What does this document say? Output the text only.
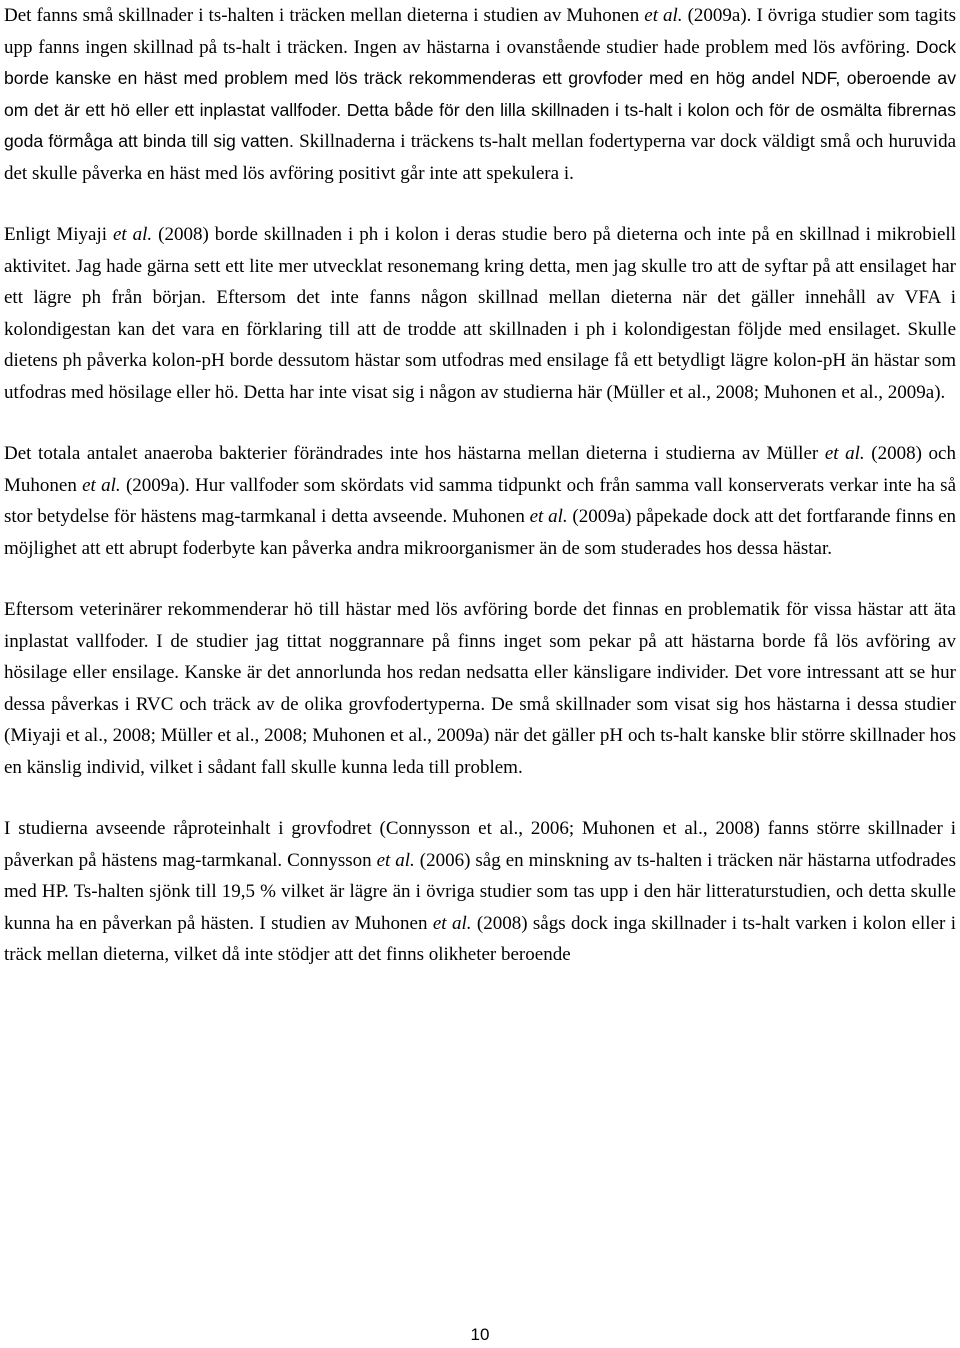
Det fanns små skillnader i ts-halten i träcken mellan dieterna i studien av Muhonen et al. (2009a). I övriga studier som tagits upp fanns ingen skillnad på ts-halt i träcken. Ingen av hästarna i ovanstående studier hade problem med lös avföring. Dock borde kanske en häst med problem med lös träck rekommenderas ett grovfoder med en hög andel NDF, oberoende av om det är ett hö eller ett inplastat vallfoder. Detta både för den lilla skillnaden i ts-halt i kolon och för de osmälta fibrernas goda förmåga att binda till sig vatten. Skillnaderna i träckens ts-halt mellan fodertyperna var dock väldigt små och huruvida det skulle påverka en häst med lös avföring positivt går inte att spekulera i.

Enligt Miyaji et al. (2008) borde skillnaden i ph i kolon i deras studie bero på dieterna och inte på en skillnad i mikrobiell aktivitet. Jag hade gärna sett ett lite mer utvecklat resonemang kring detta, men jag skulle tro att de syftar på att ensilaget har ett lägre ph från början. Eftersom det inte fanns någon skillnad mellan dieterna när det gäller innehåll av VFA i kolondigestan kan det vara en förklaring till att de trodde att skillnaden i ph i kolondigestan följde med ensilaget. Skulle dietens ph påverka kolon-pH borde dessutom hästar som utfodras med ensilage få ett betydligt lägre kolon-pH än hästar som utfodras med hösilage eller hö. Detta har inte visat sig i någon av studierna här (Müller et al., 2008; Muhonen et al., 2009a).

Det totala antalet anaeroba bakterier förändrades inte hos hästarna mellan dieterna i studierna av Müller et al. (2008) och Muhonen et al. (2009a). Hur vallfoder som skördats vid samma tidpunkt och från samma vall konserverats verkar inte ha så stor betydelse för hästens mag-tarmkanal i detta avseende. Muhonen et al. (2009a) påpekade dock att det fortfarande finns en möjlighet att ett abrupt foderbyte kan påverka andra mikroorganismer än de som studerades hos dessa hästar.

Eftersom veterinärer rekommenderar hö till hästar med lös avföring borde det finnas en problematik för vissa hästar att äta inplastat vallfoder. I de studier jag tittat noggrannare på finns inget som pekar på att hästarna borde få lös avföring av hösilage eller ensilage. Kanske är det annorlunda hos redan nedsatta eller känsligare individer. Det vore intressant att se hur dessa påverkas i RVC och träck av de olika grovfodertyperna. De små skillnader som visat sig hos hästarna i dessa studier (Miyaji et al., 2008; Müller et al., 2008; Muhonen et al., 2009a) när det gäller pH och ts-halt kanske blir större skillnader hos en känslig individ, vilket i sådant fall skulle kunna leda till problem.

I studierna avseende råproteinhalt i grovfodret (Connysson et al., 2006; Muhonen et al., 2008) fanns större skillnader i påverkan på hästens mag-tarmkanal. Connysson et al. (2006) såg en minskning av ts-halten i träcken när hästarna utfodrades med HP. Ts-halten sjönk till 19,5 % vilket är lägre än i övriga studier som tas upp i den här litteraturstudien, och detta skulle kunna ha en påverkan på hästen. I studien av Muhonen et al. (2008) sågs dock inga skillnader i ts-halt varken i kolon eller i träck mellan dieterna, vilket då inte stödjer att det finns olikheter beroende

10
